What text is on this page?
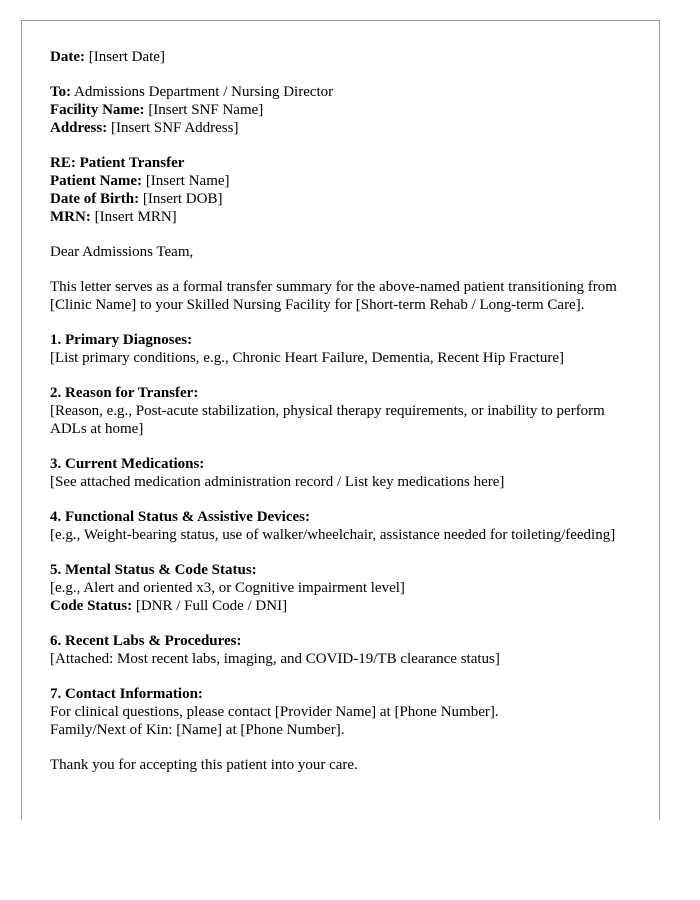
Date: [Insert Date]
To: Admissions Department / Nursing Director
Facility Name: [Insert SNF Name]
Address: [Insert SNF Address]
RE: Patient Transfer
Patient Name: [Insert Name]
Date of Birth: [Insert DOB]
MRN: [Insert MRN]
Dear Admissions Team,
This letter serves as a formal transfer summary for the above-named patient transitioning from [Clinic Name] to your Skilled Nursing Facility for [Short-term Rehab / Long-term Care].
1. Primary Diagnoses:
[List primary conditions, e.g., Chronic Heart Failure, Dementia, Recent Hip Fracture]
2. Reason for Transfer:
[Reason, e.g., Post-acute stabilization, physical therapy requirements, or inability to perform ADLs at home]
3. Current Medications:
[See attached medication administration record / List key medications here]
4. Functional Status & Assistive Devices:
[e.g., Weight-bearing status, use of walker/wheelchair, assistance needed for toileting/feeding]
5. Mental Status & Code Status:
[e.g., Alert and oriented x3, or Cognitive impairment level]
Code Status: [DNR / Full Code / DNI]
6. Recent Labs & Procedures:
[Attached: Most recent labs, imaging, and COVID-19/TB clearance status]
7. Contact Information:
For clinical questions, please contact [Provider Name] at [Phone Number].
Family/Next of Kin: [Name] at [Phone Number].
Thank you for accepting this patient into your care.
